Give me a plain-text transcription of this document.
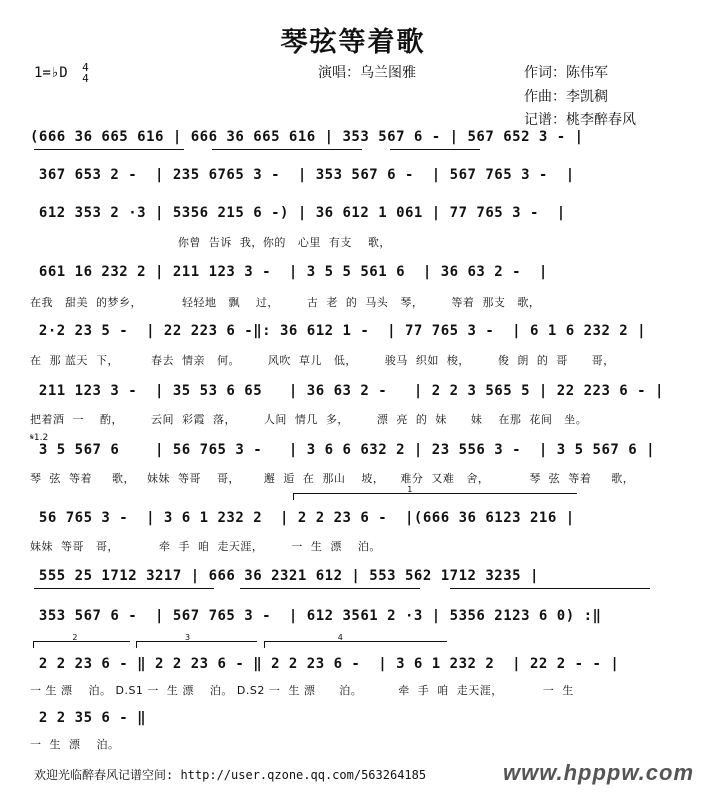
琴弦等着歌
1=♭D 4
4	演唱：乌兰图雅	作词：陈伟军
作曲：李凯稠
记谱：桃李醉春风
(666 36 665 616 | 666 36 665 616 | 353 567 6 - | 567 652 3 - |
367 653 2 -  | 235 6765 3 -  | 353 567 6 -  | 567 765 3 -  |
612 353 2 ·3 | 5356 215 6 -) | 36 612 1 061 | 77 765 3 -  |
你曾  告诉  我，你的   心里  有支    歌，
661 16 232 2 | 211 123 3 -  | 3 5 5 561 6  | 36 63 2 -  |
在我   甜美  的梦乡，          轻轻地   飘    过，       古  老  的  马头   琴，       等着  那支   歌，
2·2 23 5 -  | 22 223 6 -‖: 36 612 1 -  | 77 765 3 -  | 6 1 6 232 2 |
在  那 蓝天  下，        春去  情亲   何。       风吹  草儿   低，       骏马  织如  梭，       俊  朗  的  哥      哥，
211 123 3 -  | 35 53 6 65   | 36 63 2 -   | 2 2 3 565 5 | 22 223 6 - |
把着酒  一    酌，       云间  彩霞  落，       人间  情几  多，       漂  亮  的  妹      妹    在那  花间   坐。
𝄋1.2
3 5 567 6    | 56 765 3 -   | 3 6 6 632 2 | 23 556 3 -  | 3 5 567 6 |
琴  弦  等着     歌，   妹妹  等哥    哥，      邂  逅  在  那山    坡，    难分  又难   舍，          琴  弦  等着     歌，
1
56 765 3 -  | 3 6 1 232 2  | 2 2 23 6 -  |(666 36 6123 216 |
妹妹  等哥   哥，          牵  手  咱  走天涯，       一  生  漂    泊。
555 25 1712 3217 | 666 36 2321 612 | 553 562 1712 3235 |
353 567 6 -  | 567 765 3 -  | 612 3561 2 ·3 | 5356 2123 6 0) :‖
2	3	4
2 2 23 6 - ‖ 2 2 23 6 - ‖ 2 2 23 6 -  | 3 6 1 232 2  | 22 2 - - |
一 生 漂    泊。 D.S1 一  生 漂    泊。 D.S2 一  生 漂      泊。         牵  手  咱  走天涯，          一  生
2 2 35 6 - ‖
一  生  漂    泊。
欢迎光临醉春风记谱空间: http://user.qzone.qq.com/563264185	www.hpppw.com
